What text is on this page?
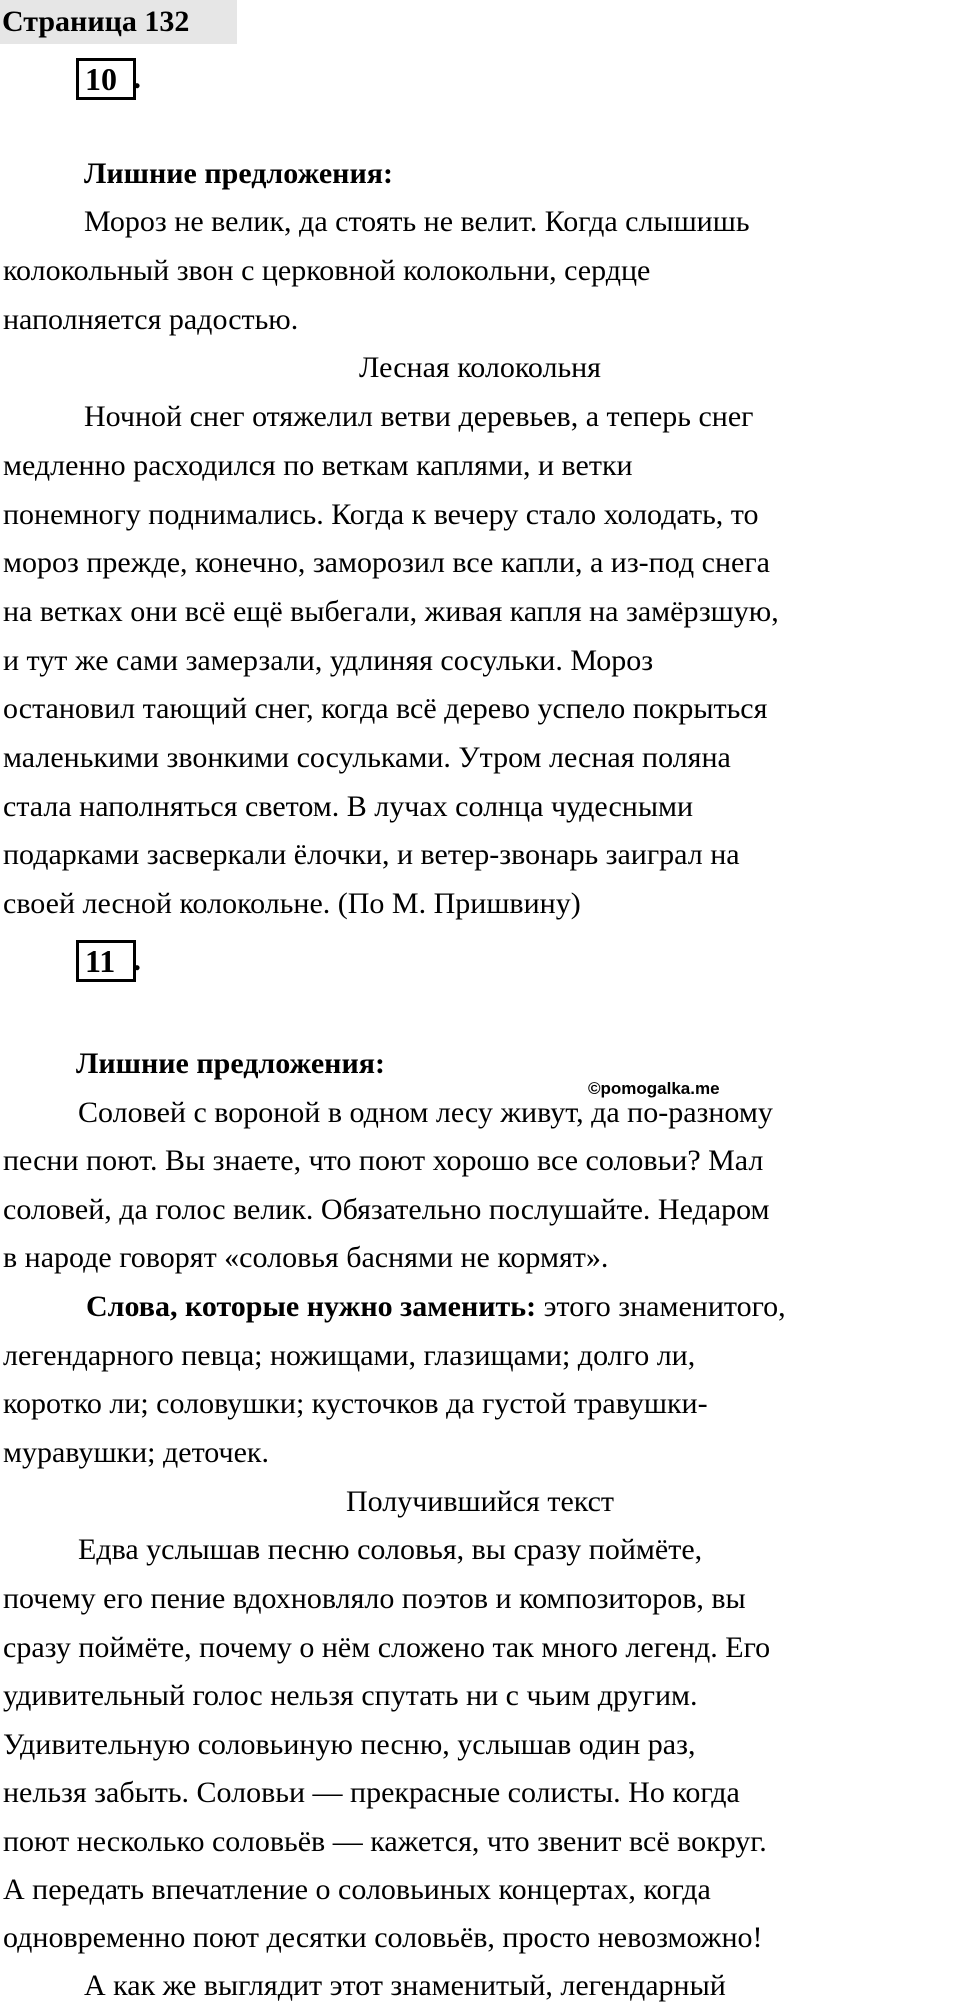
Страница 132
10 .
Лишние предложения:
Мороз не велик, да стоять не велит. Когда слышишь
колокольный звон с церковной колокольни, сердце
наполняется радостью.
Лесная колокольня
Ночной снег отяжелил ветви деревьев, а теперь снег
медленно расходился по веткам каплями, и ветки
понемногу поднимались. Когда к вечеру стало холодать, то
мороз прежде, конечно, заморозил все капли, а из-под снега
на ветках они всё ещё выбегали, живая капля на замёрзшую,
и тут же сами замерзали, удлиняя сосульки. Мороз
остановил тающий снег, когда всё дерево успело покрыться
маленькими звонкими сосульками. Утром лесная поляна
стала наполняться светом. В лучах солнца чудесными
подарками засверкали ёлочки, и ветер-звонарь заиграл на
своей лесной колокольне. (По М. Пришвину)
11 .
Лишние предложения:
©pomogalka.me
Соловей с вороной в одном лесу живут, да по-разному
песни поют. Вы знаете, что поют хорошо все соловьи? Мал
соловей, да голос велик. Обязательно послушайте. Недаром
в народе говорят «соловья баснями не кормят».
Слова, которые нужно заменить: этого знаменитого,
легендарного певца; ножищами, глазищами; долго ли,
коротко ли; соловушки; кусточков да густой травушки-
муравушки; деточек.
Получившийся текст
Едва услышав песню соловья, вы сразу поймёте,
почему его пение вдохновляло поэтов и композиторов, вы
сразу поймёте, почему о нём сложено так много легенд. Его
удивительный голос нельзя спутать ни с чьим другим.
Удивительную соловьиную песню, услышав один раз,
нельзя забыть. Соловьи — прекрасные солисты. Но когда
поют несколько соловьёв — кажется, что звенит всё вокруг.
А передать впечатление о соловьиных концертах, когда
одновременно поют десятки соловьёв, просто невозможно!
А как же выглядит этот знаменитый, легендарный
